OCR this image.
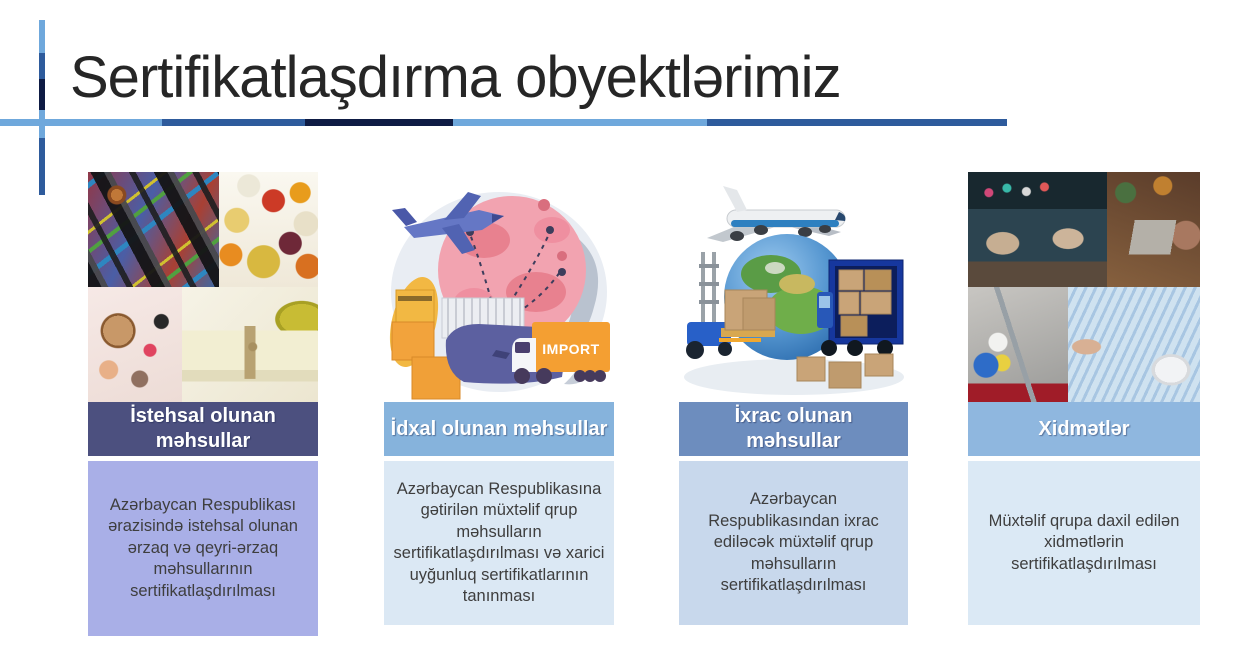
Sertifikatlaşdırma obyektlərimiz
İstehsal olunan məhsullar
Azərbaycan Respublikası ərazisində istehsal olunan ərzaq və qeyri-ərzaq məhsullarının sertifikatlaşdırılması
IMPORT
İdxal olunan məhsullar
Azərbaycan Respublikasına gətirilən müxtəlif qrup məhsulların sertifikatlaşdırılması və xarici uyğunluq sertifikatlarının tanınması
İxrac olunan məhsullar
Azərbaycan Respublikasından ixrac ediləcək müxtəlif qrup məhsulların sertifikatlaşdırılması
Xidmətlər
Müxtəlif qrupa daxil edilən xidmətlərin sertifikatlaşdırılması
